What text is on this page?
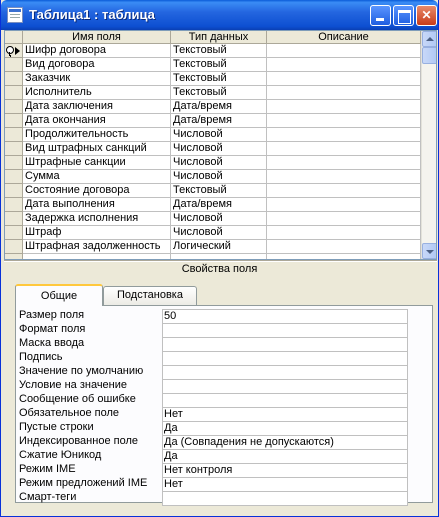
Таблица1 : таблица	✕
Имя поля	Тип данных	Описание
Шифр договора	Текстовый
Вид договора	Текстовый
Заказчик	Текстовый
Исполнитель	Текстовый
Дата заключения	Дата/время
Дата окончания	Дата/время
Продолжительность	Числовой
Вид штрафных санкций	Числовой
Штрафные санкции	Числовой
Сумма	Числовой
Состояние договора	Текстовый
Дата выполнения	Дата/время
Задержка исполнения	Числовой
Штраф	Числовой
Штрафная задолженность	Логический
Свойства поля
Общие	Подстановка
Размер поля	50
Формат поля
Маска ввода
Подпись
Значение по умолчанию
Условие на значение
Сообщение об ошибке
Обязательное поле	Нет
Пустые строки	Да
Индексированное поле	Да (Совпадения не допускаются)
Сжатие Юникод	Да
Режим IME	Нет контроля
Режим предложений IME	Нет
Смарт-теги
